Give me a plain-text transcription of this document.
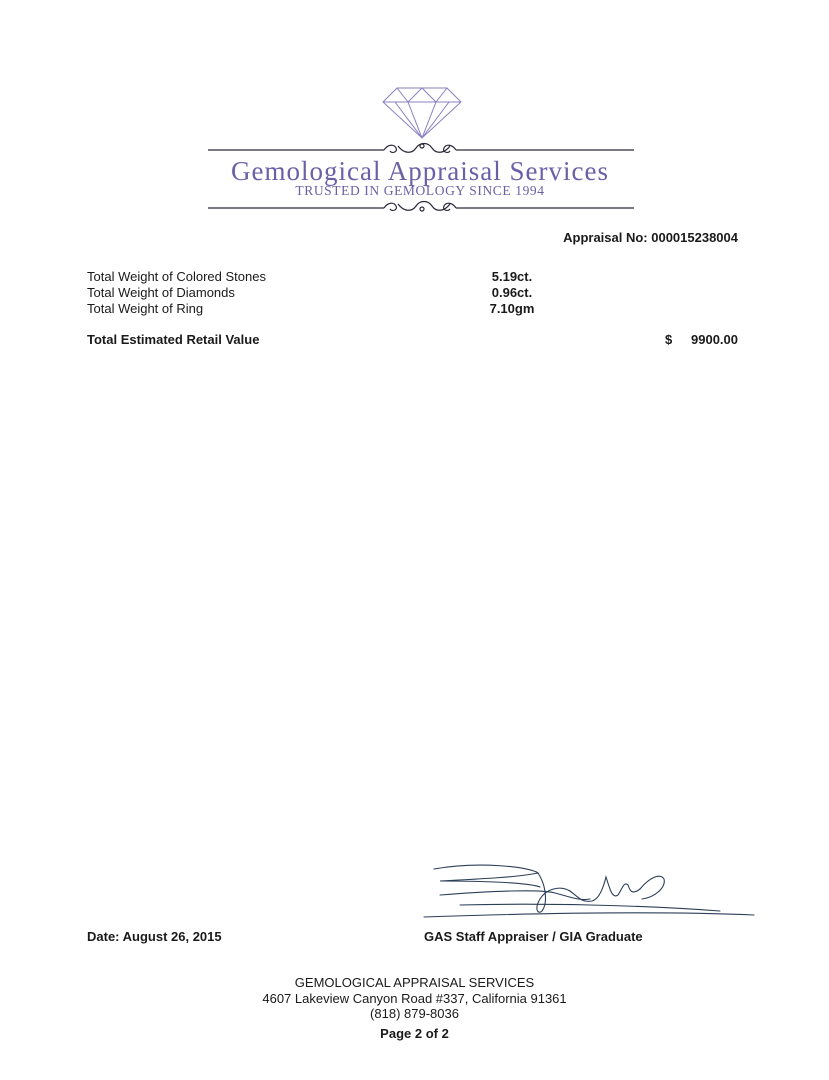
Gemological Appraisal Services
TRUSTED IN GEMOLOGY SINCE 1994
Appraisal No: 000015238004
Total Weight of Colored Stones	5.19ct.
Total Weight of Diamonds	0.96ct.
Total Weight of Ring	7.10gm
Total Estimated Retail Value	$ 9900.00
Date: August 26, 2015	GAS Staff Appraiser / GIA Graduate
GEMOLOGICAL APPRAISAL SERVICES
4607 Lakeview Canyon Road #337, California 91361
(818) 879-8036
Page 2 of 2
